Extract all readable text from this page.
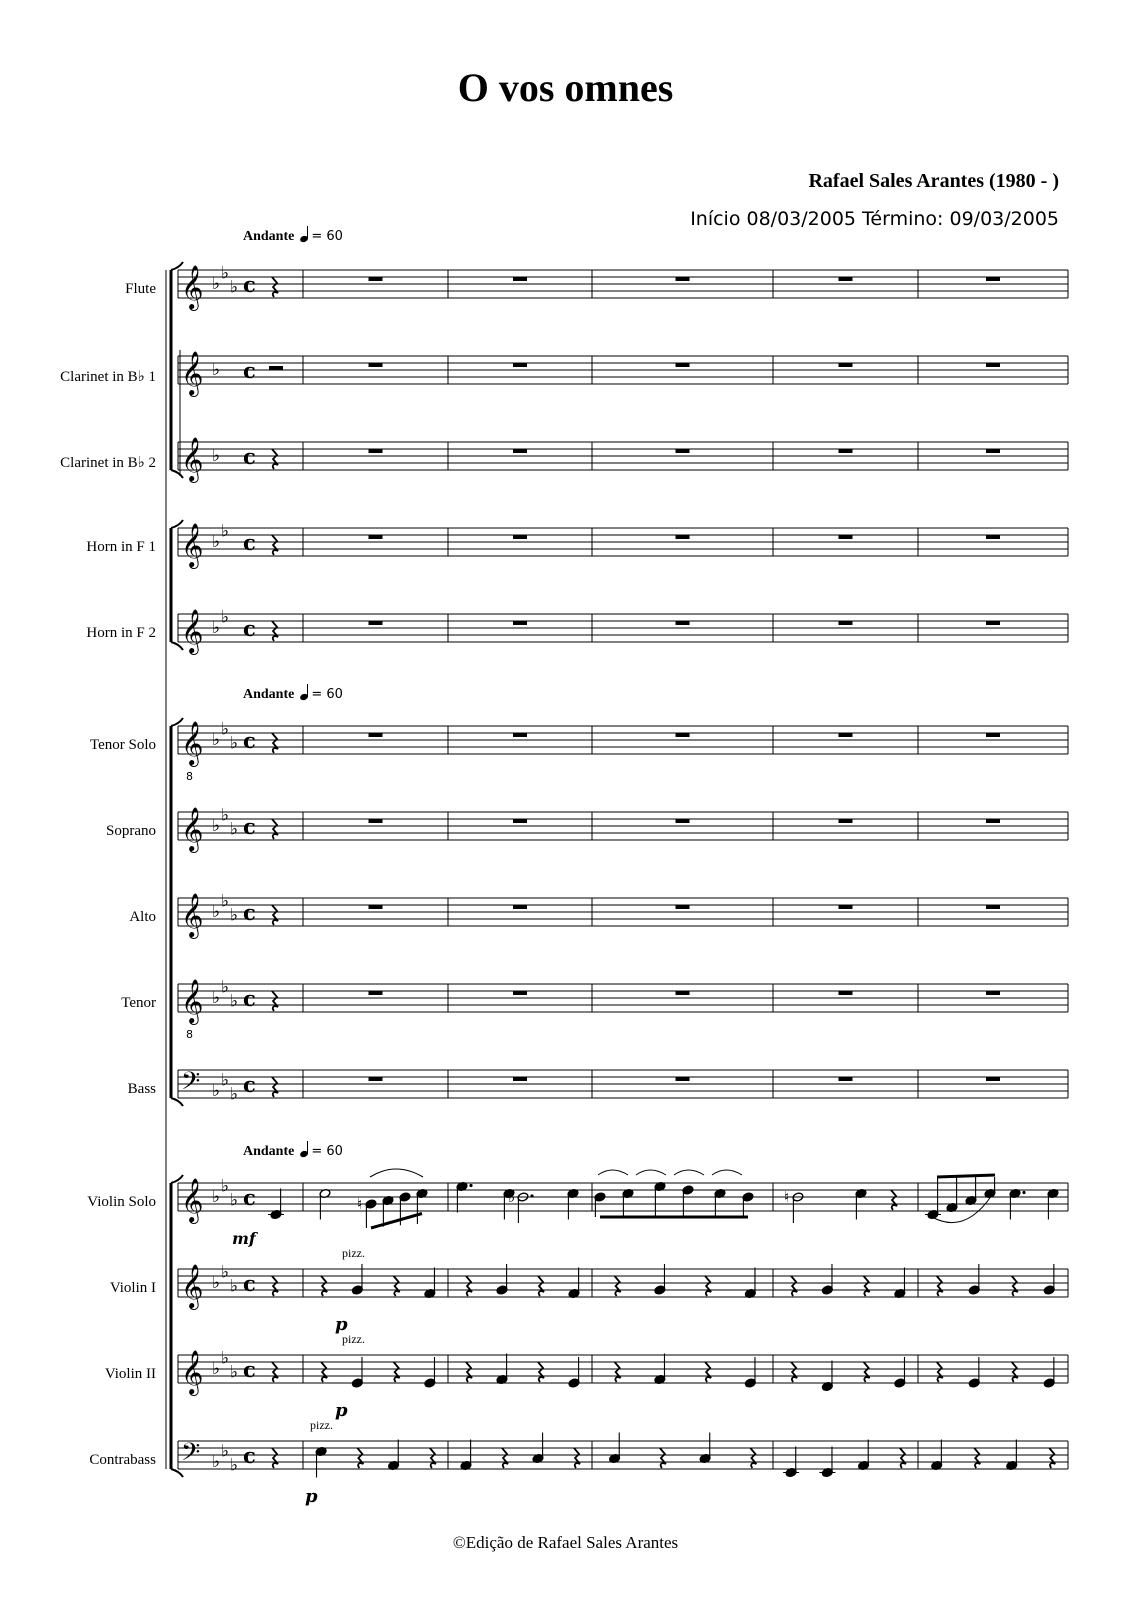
O vos omnes
Rafael Sales Arantes (1980 - )
Início 08/03/2005 Término: 09/03/2005
Andante = 60
Andante = 60
Andante = 60
Flute
Clarinet in B♭ 1
Clarinet in B♭ 2
Horn in F 1
Horn in F 2
Tenor Solo
Soprano
Alto
Tenor
Bass
Violin Solo
Violin I
Violin II
Contrabass
𝄞 ♭
♭
♭ c
𝄞 ♭ c
𝄞 ♭ c
𝄞 ♭
♭ c
𝄞 ♭
♭ c
𝄞
8
♭
♭
♭ c
𝄞 ♭
♭
♭ c
𝄞 ♭
♭
♭ c
𝄞
8
♭
♭
♭ c
𝄢 ♭
♭
♭ c
𝄞 ♭
♭
♭ c
𝄞 ♭
♭
♭ c
𝄞 ♭
♭
♭ c
𝄢 ♭
♭
♭ c
♮	♭	♮
mf
p
p
p
pizz.
pizz.
pizz.
©Edição de Rafael Sales Arantes
